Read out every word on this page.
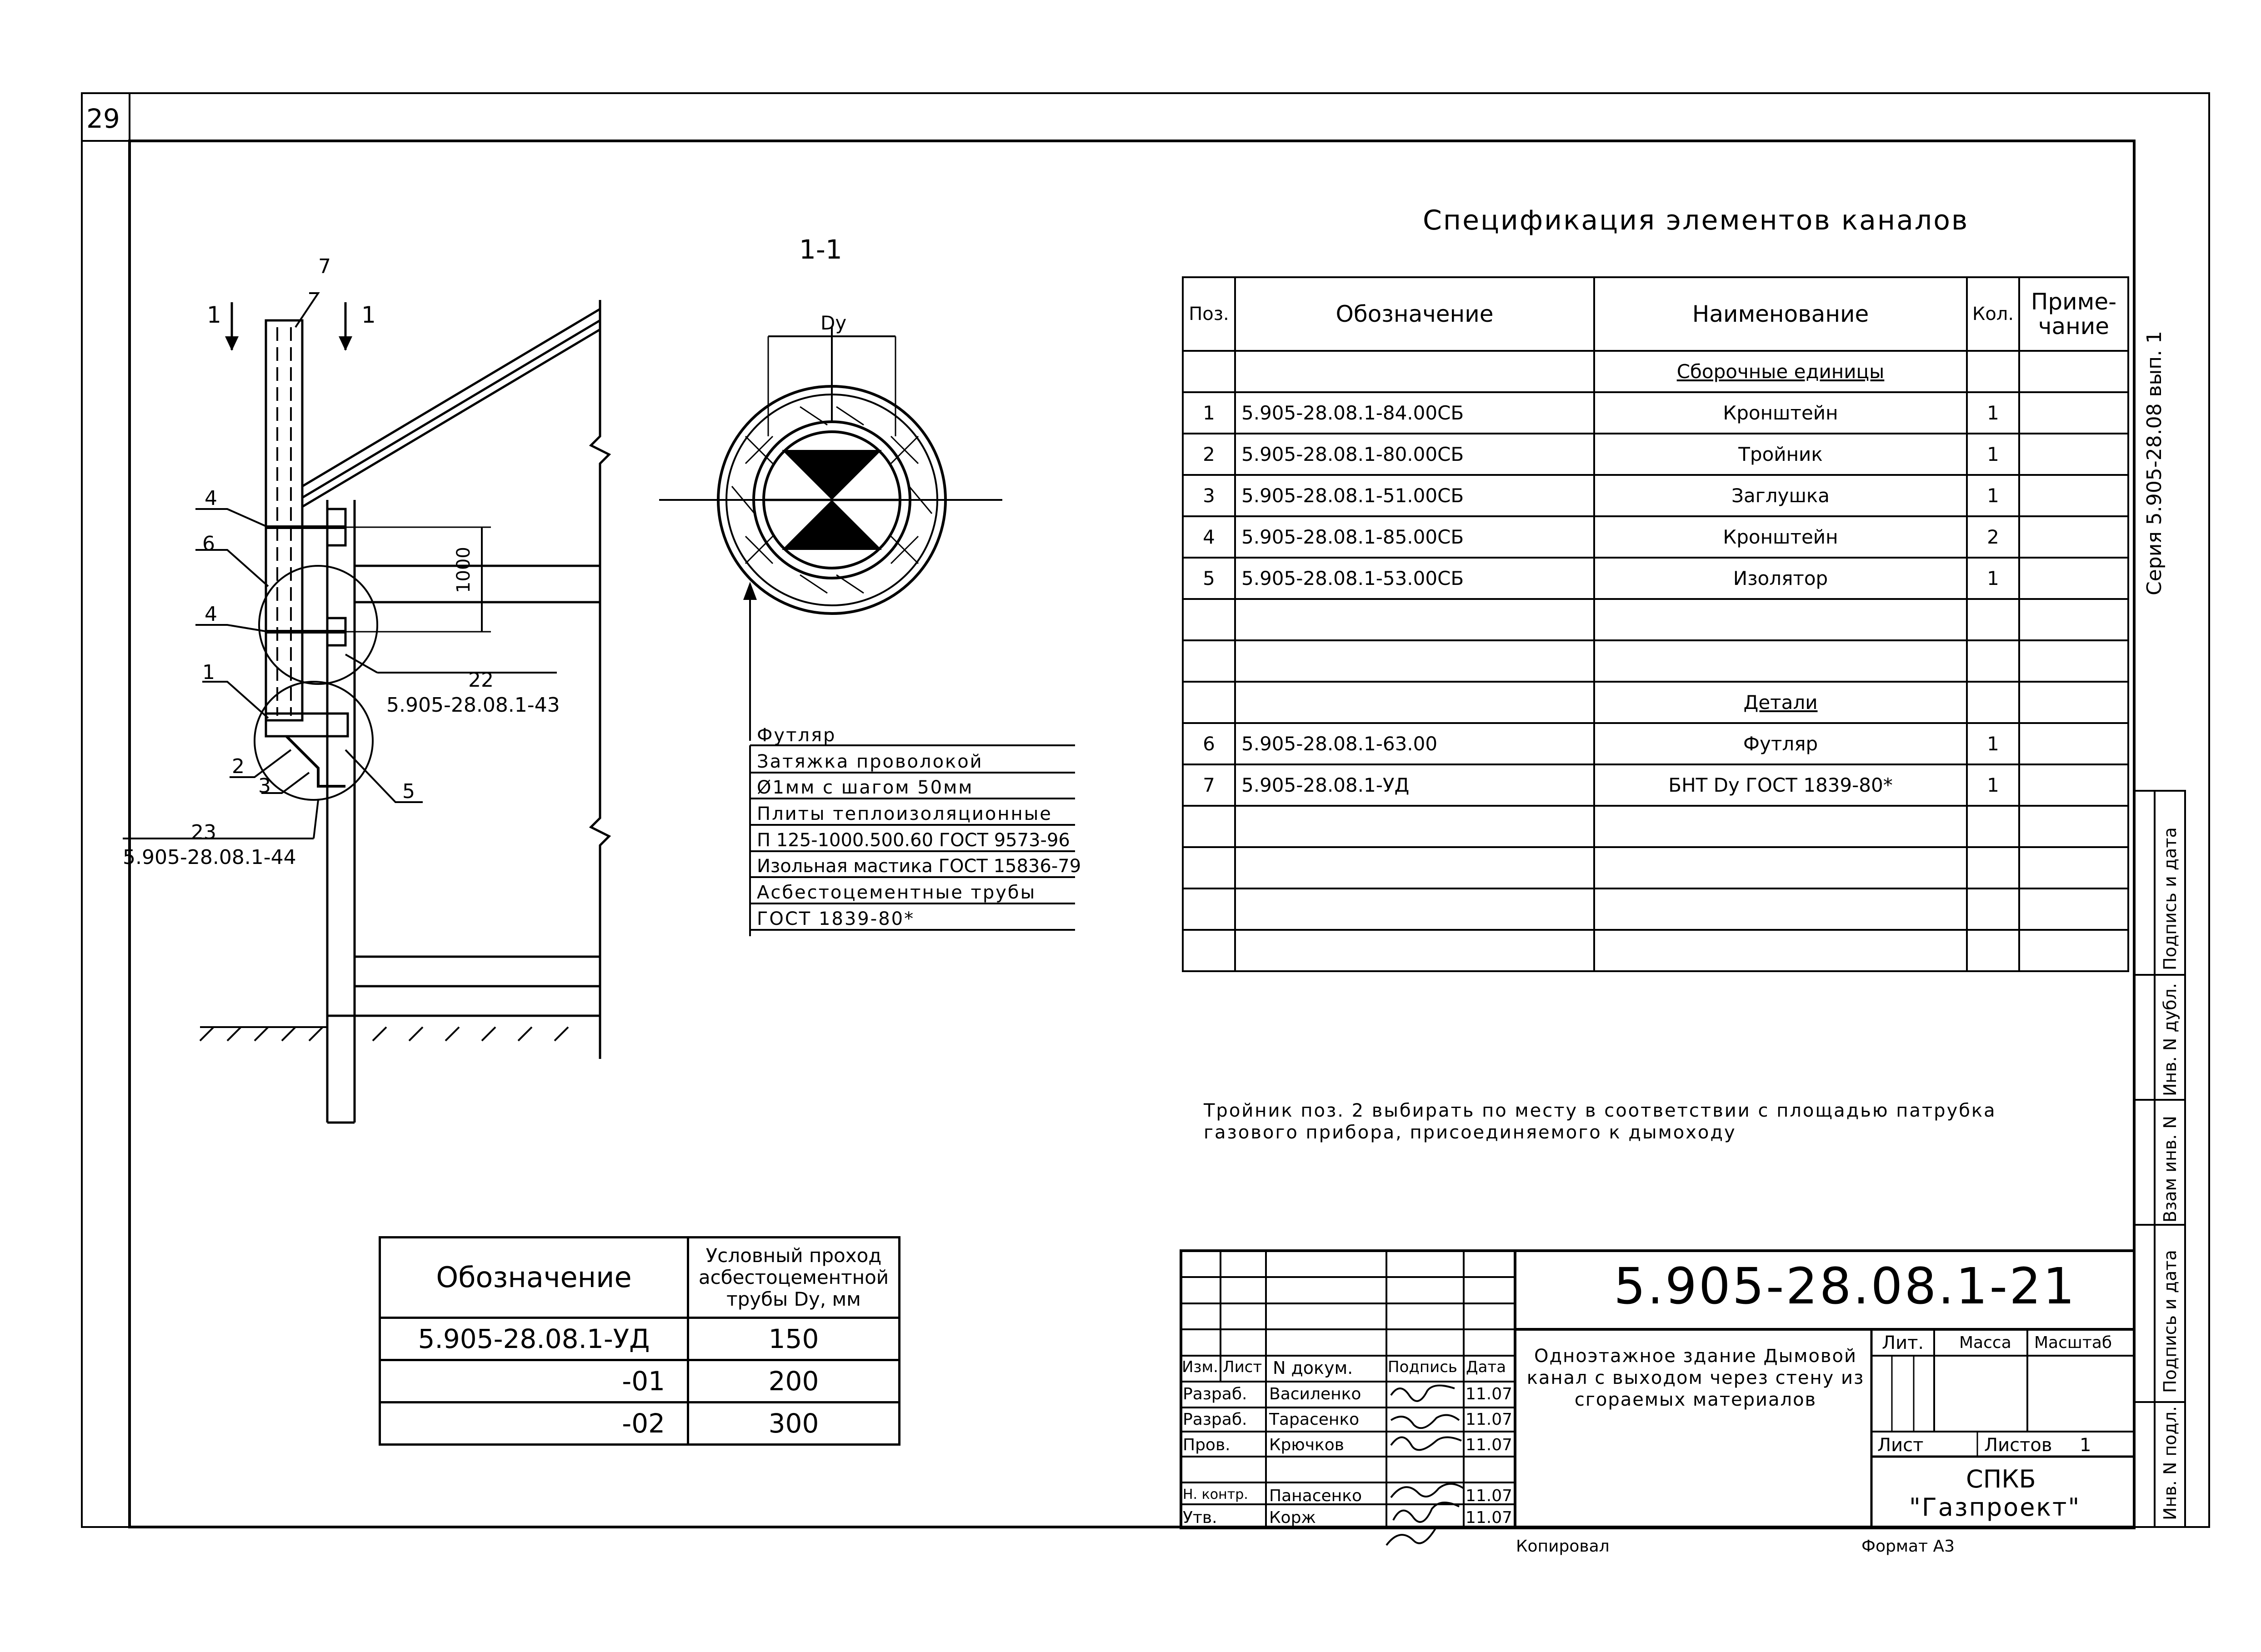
29
Спецификация элементов каналов
Поз.	Обозначение	Наименование	Кол.	Приме-
чание
		Сборочные единицы		
1	5.905-28.08.1-84.00СБ	Кронштейн	1	
2	5.905-28.08.1-80.00СБ	Тройник	1	
3	5.905-28.08.1-51.00СБ	Заглушка	1	
4	5.905-28.08.1-85.00СБ	Кронштейн	2	
5	5.905-28.08.1-53.00СБ	Изолятор	1	

		Детали		
6	5.905-28.08.1-63.00	Футляр	1	
7	5.905-28.08.1-УД	БНТ Dy ГОСТ 1839-80*	1	

1-1
Dy
1	1
Футляр
Затяжка проволокой
Ø1мм с шагом 50мм
Плиты теплоизоляционные
П 125-1000.500.60 ГОСТ 9573-96
Изольная мастика ГОСТ 15836-79
Асбестоцементные трубы
ГОСТ 1839-80*
7
4
6
4
1
2
3	5
1000
22
5.905-28.08.1-43
23
5.905-28.08.1-44
Тройник поз. 2 выбирать по месту в соответствии с площадью патрубка газового прибора, присоединяемого к дымоходу
Обозначение	Условный проход асбестоцементной трубы Dy, мм
5.905-28.08.1-УД	150
-01	200
-02	300
5.905-28.08.1-21
Одноэтажное здание Дымовой канал с выходом через стену из сгораемых материалов
Изм. Лист N докум. Подпись Дата
Разраб. Василенко	11.07
Разраб. Тарасенко	11.07
Пров. Крючков	11.07
Н. контр. Панасенко	11.07
Утв.	Корж	11.07
Лит. Масса Масштаб
Лист	Листов 1
СПКБ
"Газпроект"
Копировал	Формат А3
Серия 5.905-28.08 вып. 1
Инв. N подл.
Подпись и дата
Взам инв. N
Инв. N дубл.
Подпись и дата
